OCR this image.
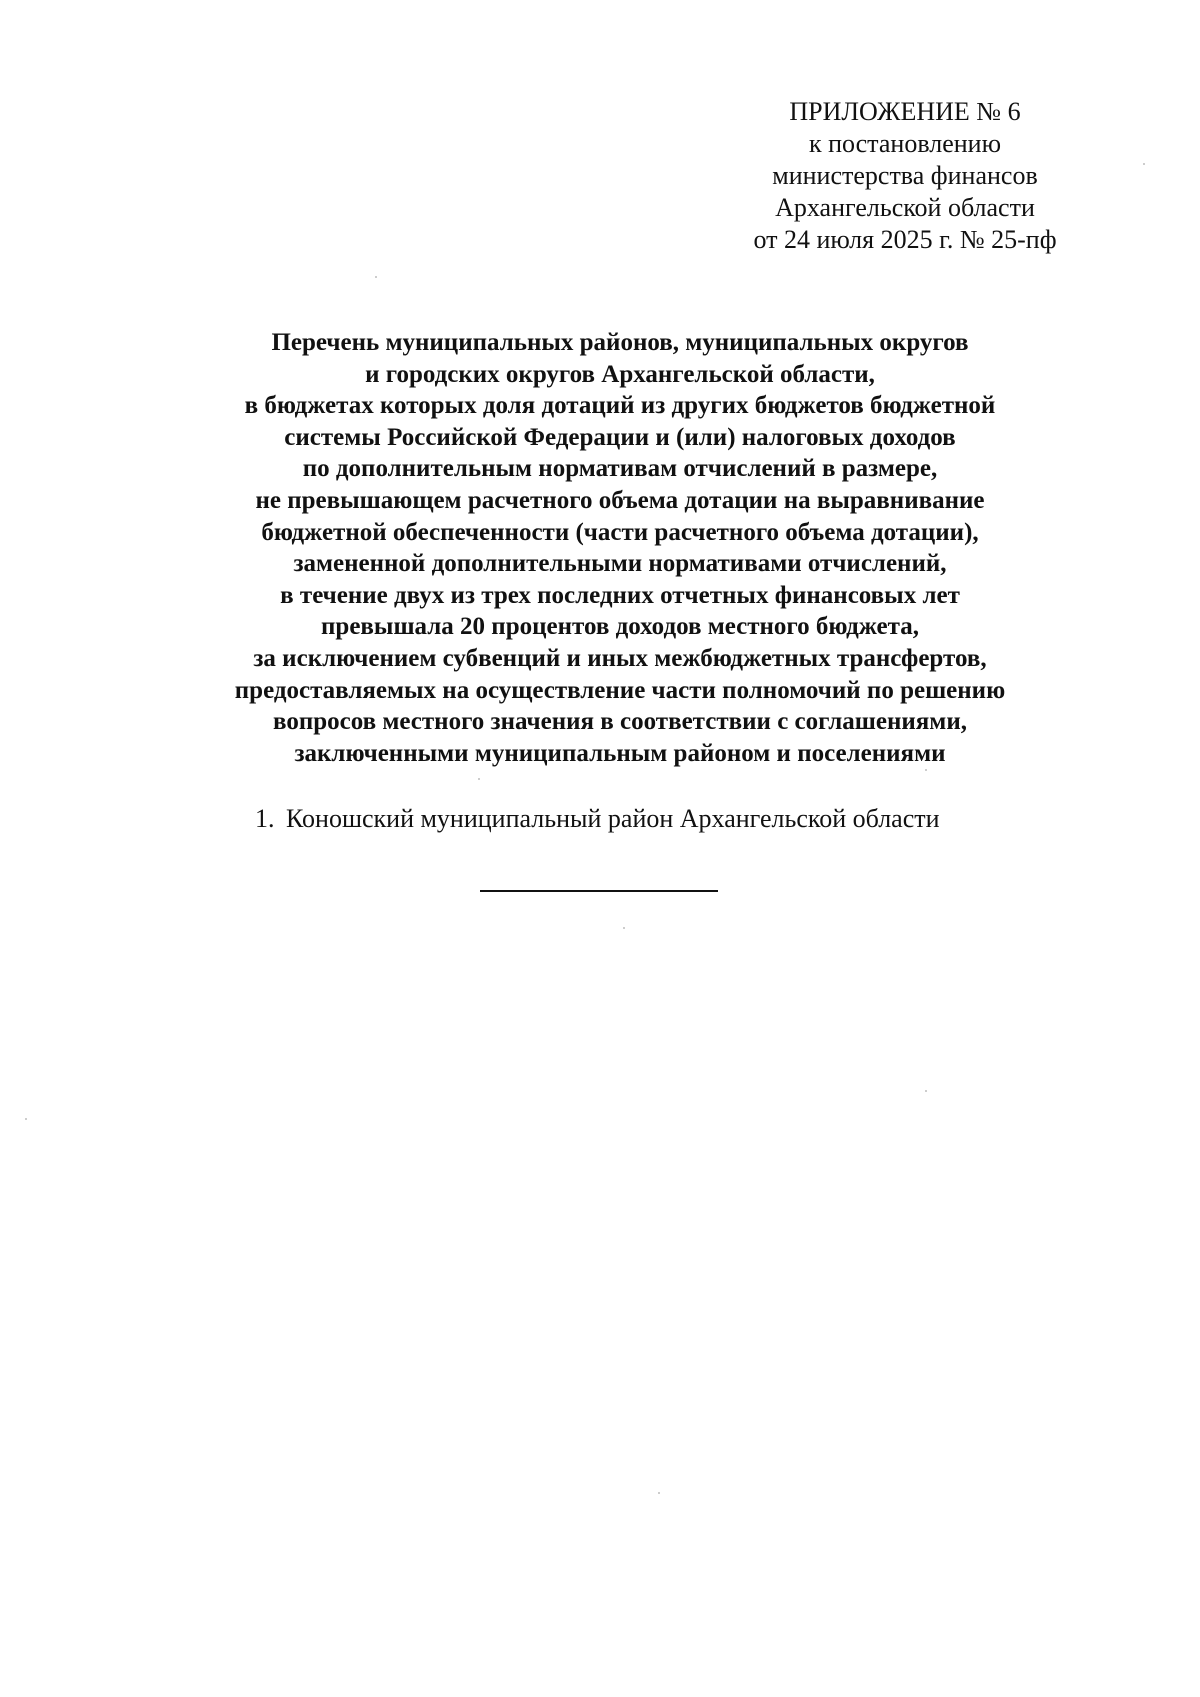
ПРИЛОЖЕНИЕ № 6
к постановлению
министерства финансов
Архангельской области
от 24 июля 2025 г. № 25-пф
Перечень муниципальных районов, муниципальных округов
и городских округов Архангельской области,
в бюджетах которых доля дотаций из других бюджетов бюджетной
системы Российской Федерации и (или) налоговых доходов
по дополнительным нормативам отчислений в размере,
не превышающем расчетного объема дотации на выравнивание
бюджетной обеспеченности (части расчетного объема дотации),
замененной дополнительными нормативами отчислений,
в течение двух из трех последних отчетных финансовых лет
превышала 20 процентов доходов местного бюджета,
за исключением субвенций и иных межбюджетных трансфертов,
предоставляемых на осуществление части полномочий по решению
вопросов местного значения в соответствии с соглашениями,
заключенными муниципальным районом и поселениями
1. Коношский муниципальный район Архангельской области
